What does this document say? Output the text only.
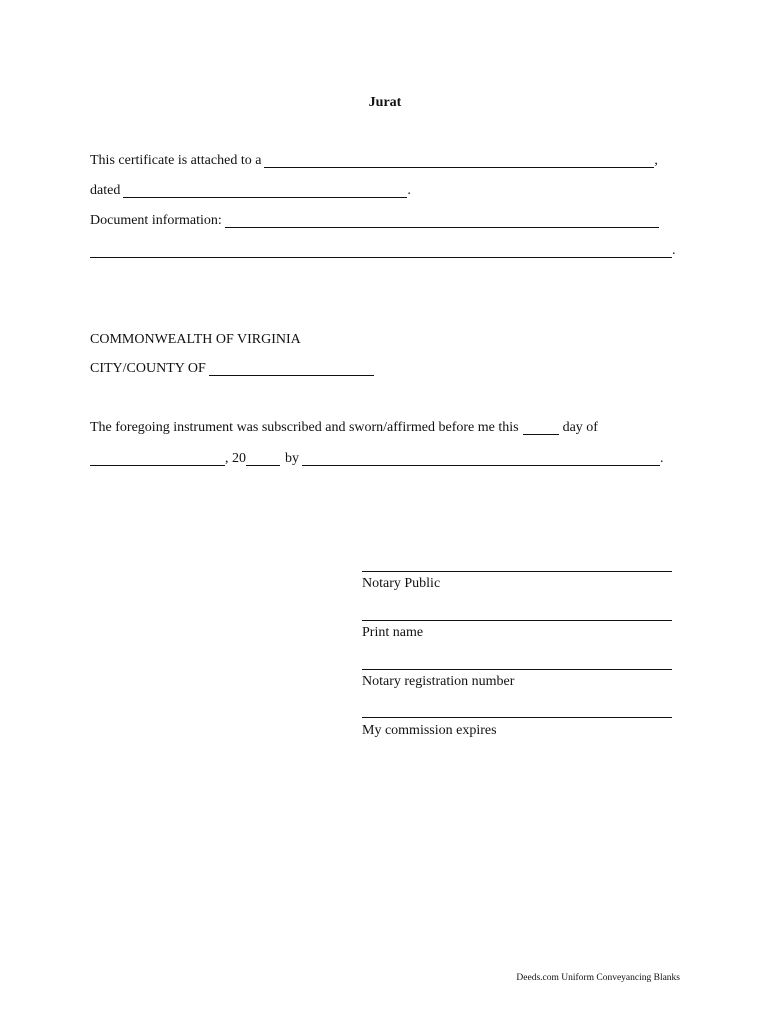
Jurat
This certificate is attached to a	,
dated	.
Document information:
.
COMMONWEALTH OF VIRGINIA
CITY/COUNTY OF
The foregoing instrument was subscribed and sworn/affirmed before me this	day of
, 20	by	.
Notary Public
Print name
Notary registration number
My commission expires
Deeds.com Uniform Conveyancing Blanks
